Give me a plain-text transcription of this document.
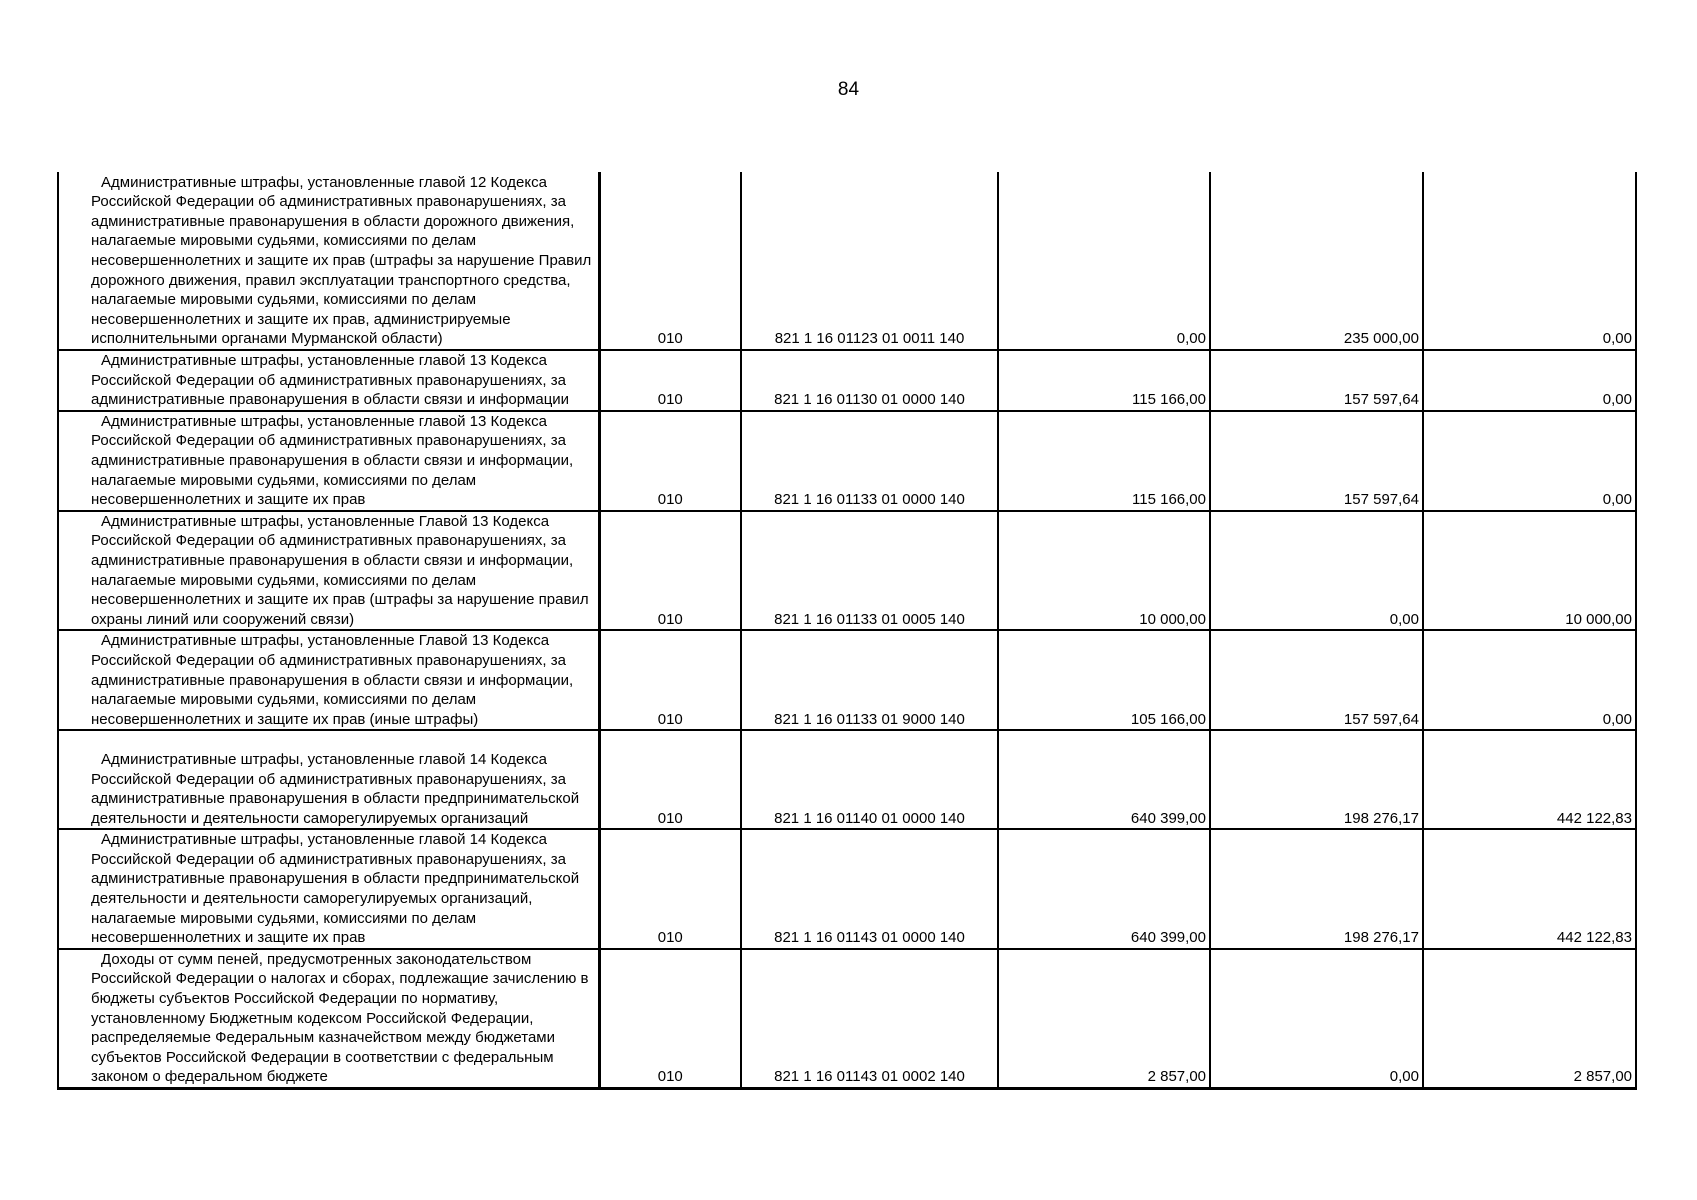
84
Административные штрафы, установленные главой 12 Кодекса Российской Федерации об административных правонарушениях, за административные правонарушения в области дорожного движения, налагаемые мировыми судьями, комиссиями по делам несовершеннолетних и защите их прав (штрафы за нарушение Правил дорожного движения, правил эксплуатации транспортного средства, налагаемые мировыми судьями, комиссиями по делам несовершеннолетних и защите их прав, администрируемые исполнительными органами Мурманской области)	010	821 1 16 01123 01 0011 140	0,00	235 000,00	0,00

Административные штрафы, установленные главой 13 Кодекса Российской Федерации об административных правонарушениях, за административные правонарушения в области связи и информации	010	821 1 16 01130 01 0000 140	115 166,00	157 597,64	0,00

Административные штрафы, установленные главой 13 Кодекса Российской Федерации об административных правонарушениях, за административные правонарушения в области связи и информации, налагаемые мировыми судьями, комиссиями по делам несовершеннолетних и защите их прав	010	821 1 16 01133 01 0000 140	115 166,00	157 597,64	0,00

Административные штрафы, установленные Главой 13 Кодекса Российской Федерации об административных правонарушениях, за административные правонарушения в области связи и информации, налагаемые мировыми судьями, комиссиями по делам несовершеннолетних и защите их прав (штрафы за нарушение правил охраны линий или сооружений связи)	010	821 1 16 01133 01 0005 140	10 000,00	0,00	10 000,00

Административные штрафы, установленные Главой 13 Кодекса Российской Федерации об административных правонарушениях, за административные правонарушения в области связи и информации, налагаемые мировыми судьями, комиссиями по делам несовершеннолетних и защите их прав (иные штрафы)	010	821 1 16 01133 01 9000 140	105 166,00	157 597,64	0,00

Административные штрафы, установленные главой 14 Кодекса Российской Федерации об административных правонарушениях, за административные правонарушения в области предпринимательской деятельности и деятельности саморегулируемых организаций	010	821 1 16 01140 01 0000 140	640 399,00	198 276,17	442 122,83

Административные штрафы, установленные главой 14 Кодекса Российской Федерации об административных правонарушениях, за административные правонарушения в области предпринимательской деятельности и деятельности саморегулируемых организаций, налагаемые мировыми судьями, комиссиями по делам несовершеннолетних и защите их прав	010	821 1 16 01143 01 0000 140	640 399,00	198 276,17	442 122,83

Доходы от сумм пеней, предусмотренных законодательством Российской Федерации о налогах и сборах, подлежащие зачислению в бюджеты субъектов Российской Федерации по нормативу, установленному Бюджетным кодексом Российской Федерации, распределяемые Федеральным казначейством между бюджетами субъектов Российской Федерации в соответствии с федеральным законом о федеральном бюджете	010	821 1 16 01143 01 0002 140	2 857,00	0,00	2 857,00
